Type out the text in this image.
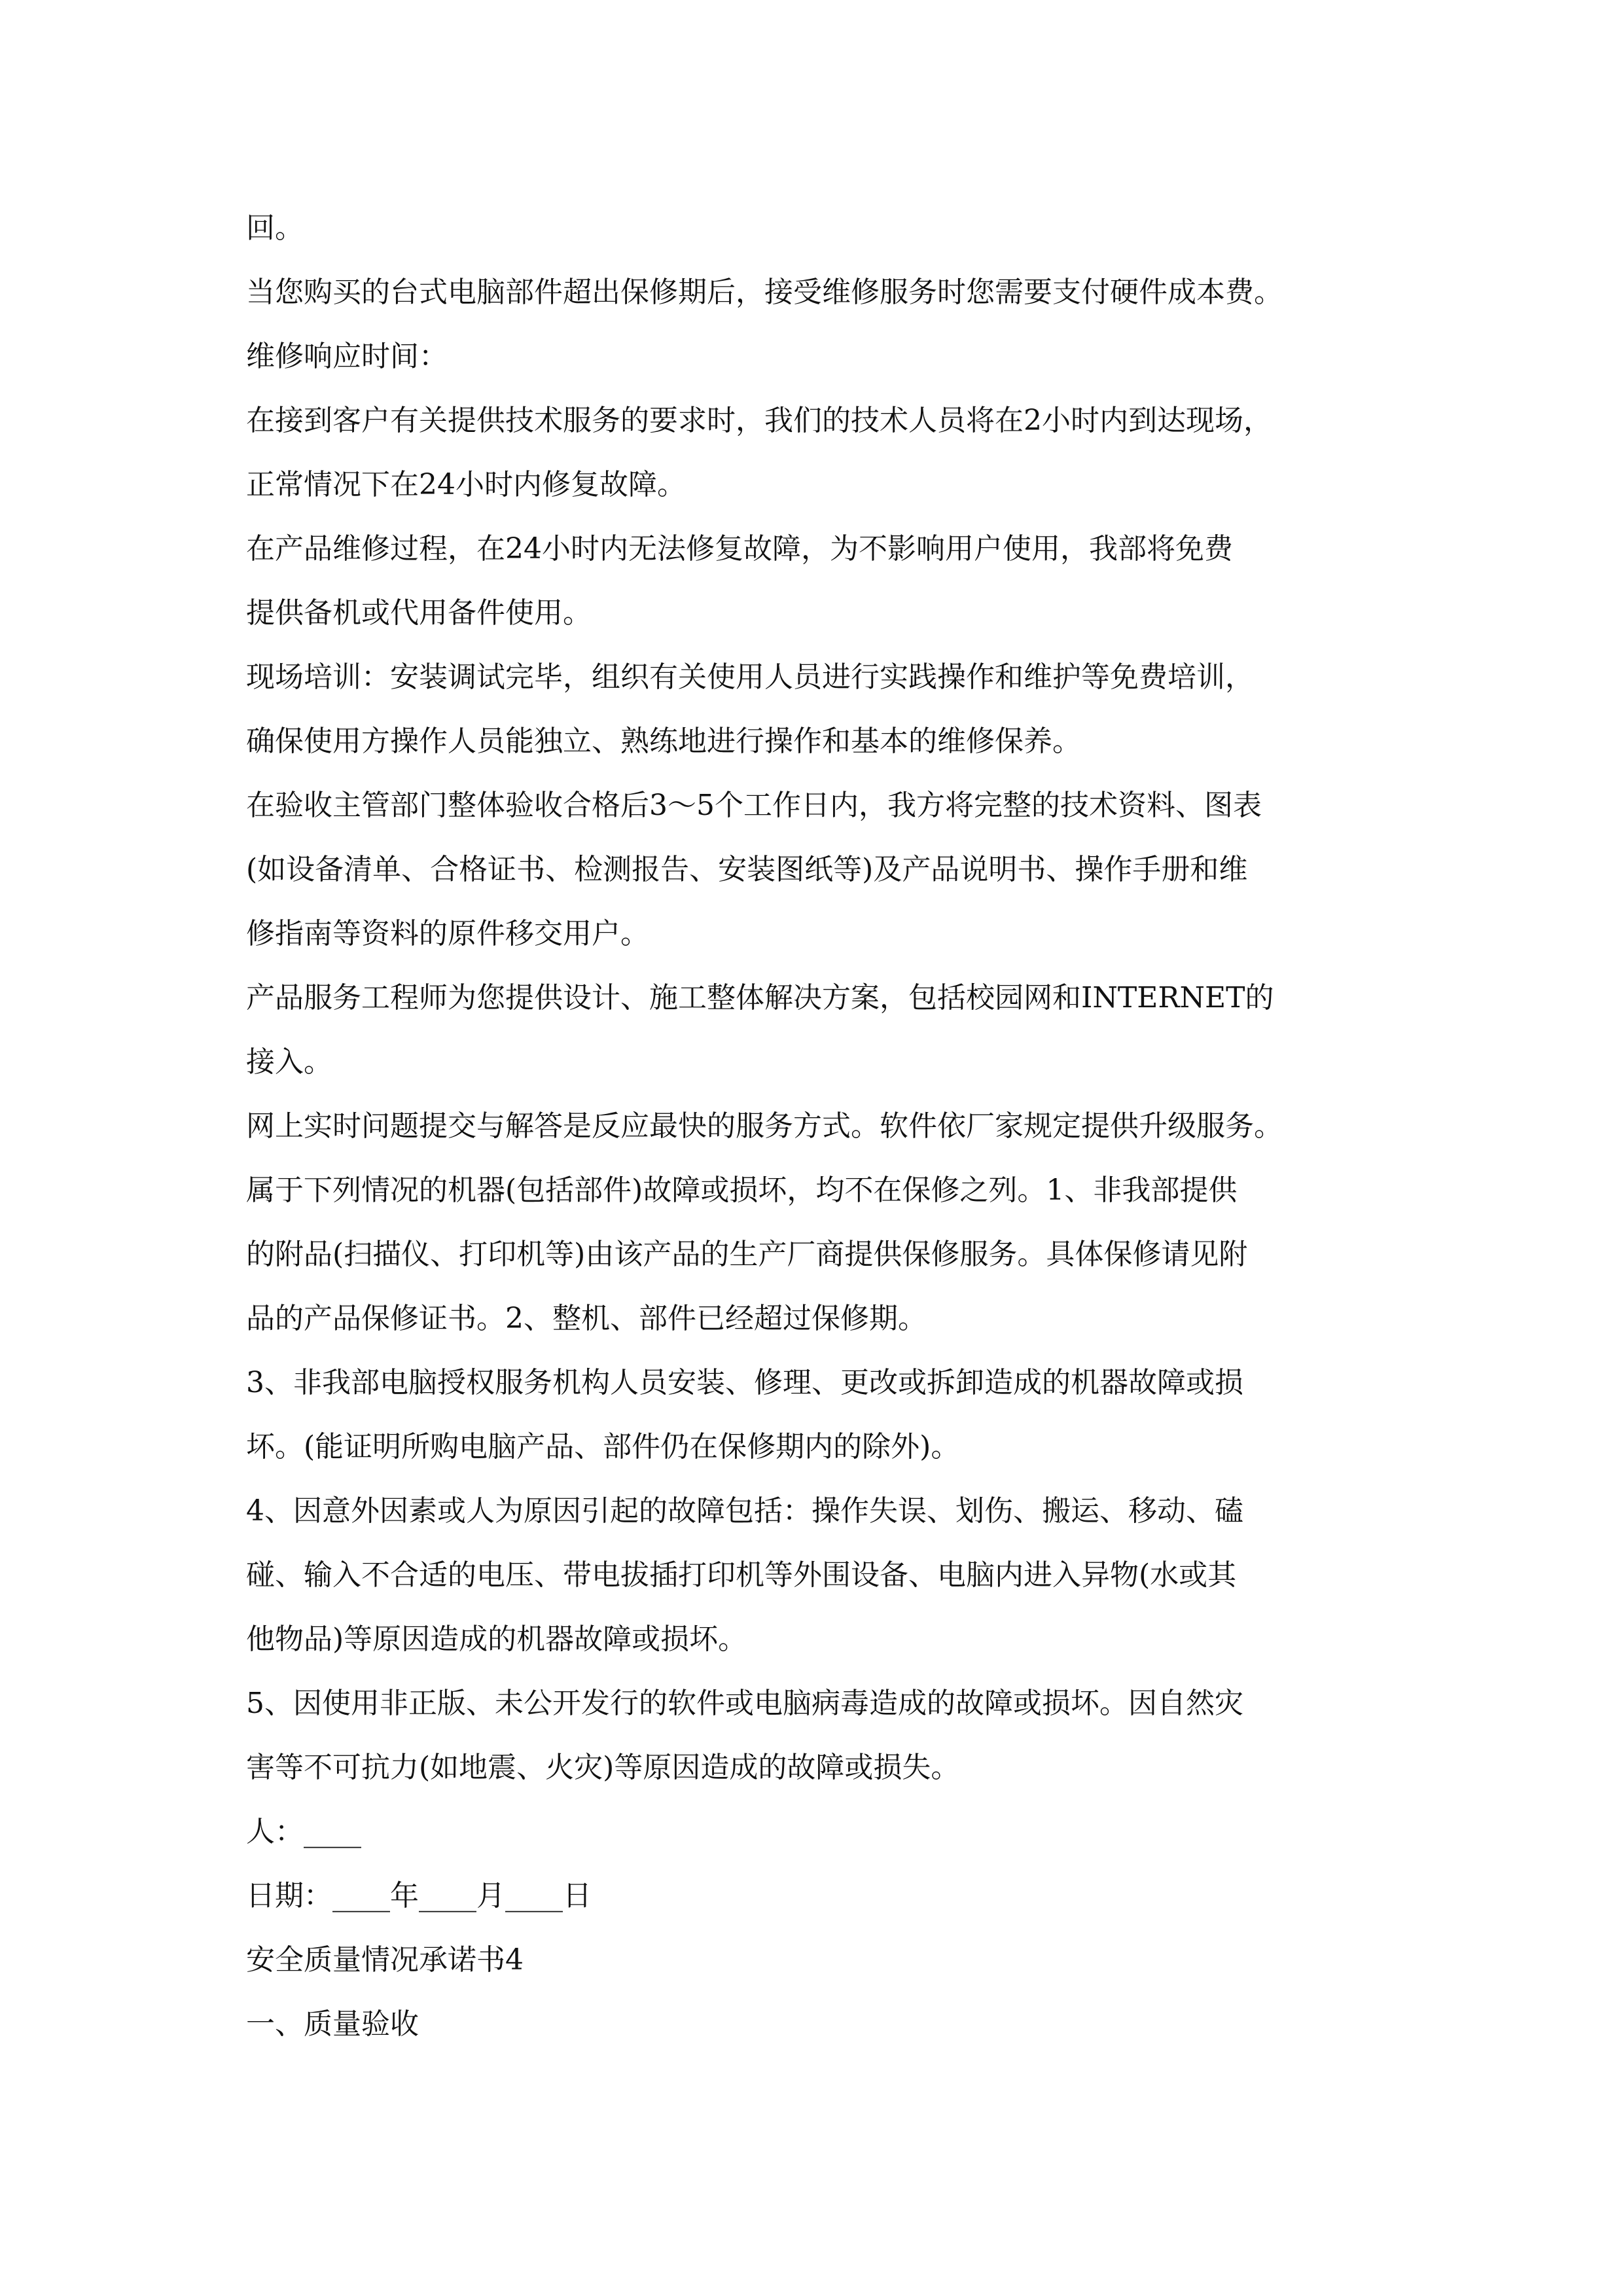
回。
当您购买的台式电脑部件超出保修期后，接受维修服务时您需要支付硬件成本费。
维修响应时间：
在接到客户有关提供技术服务的要求时，我们的技术人员将在2小时内到达现场，
正常情况下在24小时内修复故障。
在产品维修过程，在24小时内无法修复故障，为不影响用户使用，我部将免费
提供备机或代用备件使用。
现场培训：安装调试完毕，组织有关使用人员进行实践操作和维护等免费培训，
确保使用方操作人员能独立、熟练地进行操作和基本的维修保养。
在验收主管部门整体验收合格后3～5个工作日内，我方将完整的技术资料、图表
(如设备清单、合格证书、检测报告、安装图纸等)及产品说明书、操作手册和维
修指南等资料的原件移交用户。
产品服务工程师为您提供设计、施工整体解决方案，包括校园网和INTERNET的
接入。
网上实时问题提交与解答是反应最快的服务方式。软件依厂家规定提供升级服务。
属于下列情况的机器(包括部件)故障或损坏，均不在保修之列。1、非我部提供
的附品(扫描仪、打印机等)由该产品的生产厂商提供保修服务。具体保修请见附
品的产品保修证书。2、整机、部件已经超过保修期。
3、非我部电脑授权服务机构人员安装、修理、更改或拆卸造成的机器故障或损
坏。(能证明所购电脑产品、部件仍在保修期内的除外)。
4、因意外因素或人为原因引起的故障包括：操作失误、划伤、搬运、移动、磕
碰、输入不合适的电压、带电拔插打印机等外围设备、电脑内进入异物(水或其
他物品)等原因造成的机器故障或损坏。
5、因使用非正版、未公开发行的软件或电脑病毒造成的故障或损坏。因自然灾
害等不可抗力(如地震、火灾)等原因造成的故障或损失。
人：____
日期：____年____月____日
安全质量情况承诺书4
一、质量验收
